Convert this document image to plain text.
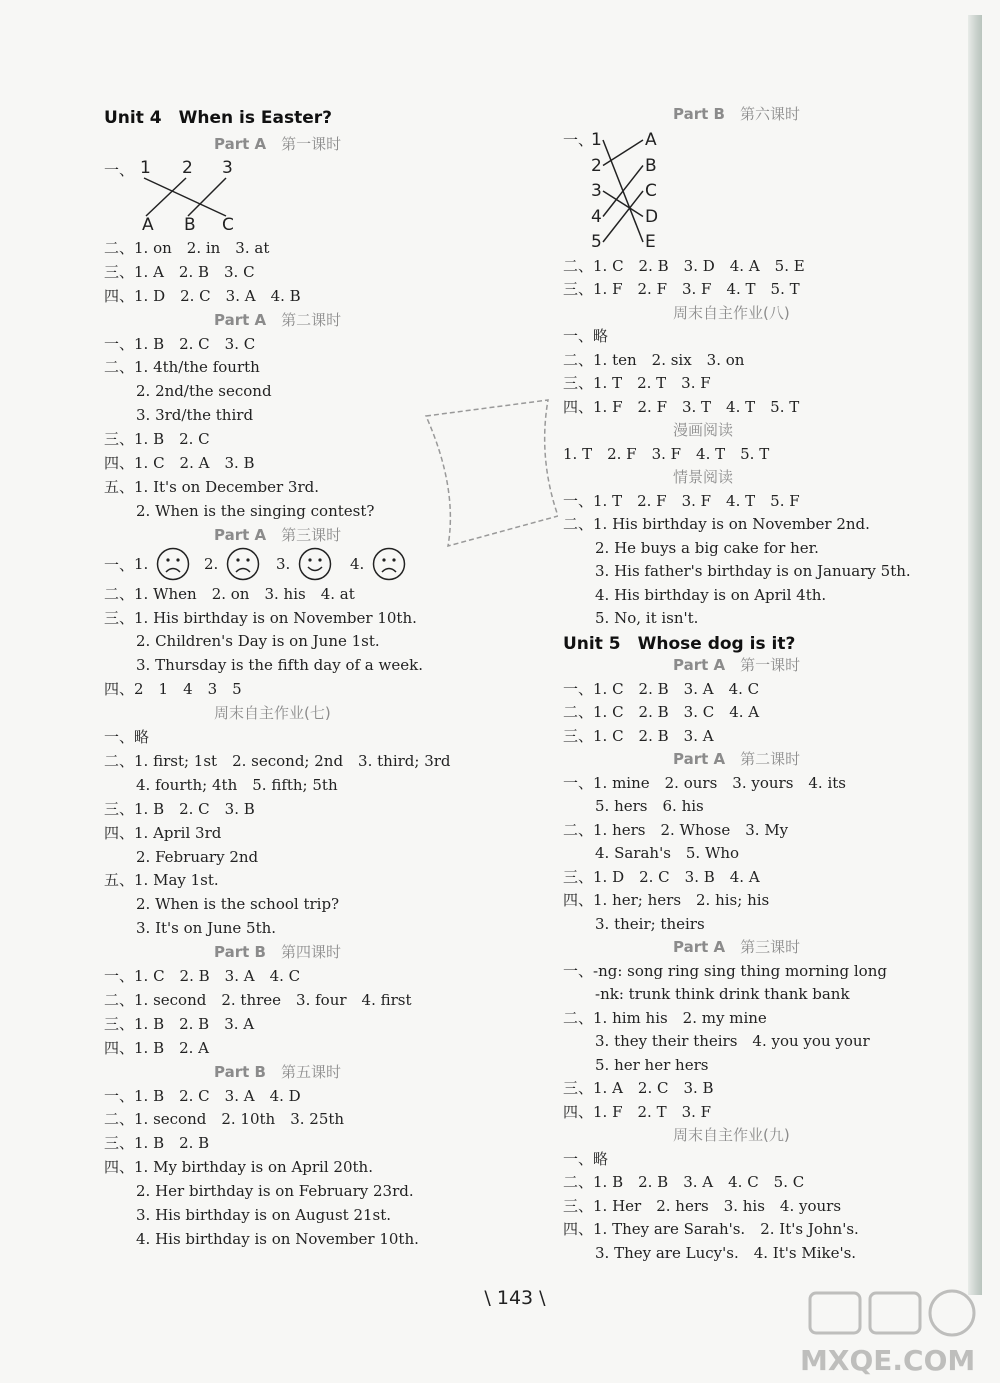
Unit 4　When is Easter?
Part A　 第一课时
一、 1 2 3
A B C
二、1. on　2. in　3. at
三、1. A　2. B　3. C
四、1. D　2. C　3. A　4. B
Part A　 第二课时
一、1. B　2. C　3. C
二、1. 4th/the fourth
2. 2nd/the second
3. 3rd/the third
三、1. B　2. C
四、1. C　2. A　3. B
五、1. It's on December 3rd.
2. When is the singing contest?
Part A　 第三课时
一、 1.	2.	3.	4.
二、1. When　2. on　3. his　4. at
三、1. His birthday is on November 10th.
2. Children's Day is on June 1st.
3. Thursday is the fifth day of a week.
四、2　1　4　3　5
周末自主作业(七)
一、略
二、1. first; 1st　2. second; 2nd　3. third; 3rd
4. fourth; 4th　5. fifth; 5th
三、1. B　2. C　3. B
四、1. April 3rd
2. February 2nd
五、1. May 1st.
2. When is the school trip?
3. It's on June 5th.
Part B　 第四课时
一、1. C　2. B　3. A　4. C
二、1. second　2. three　3. four　4. first
三、1. B　2. B　3. A
四、1. B　2. A
Part B　 第五课时
一、1. B　2. C　3. A　4. D
二、1. second　2. 10th　3. 25th
三、1. B　2. B
四、1. My birthday is on April 20th.
2. Her birthday is on February 23rd.
3. His birthday is on August 21st.
4. His birthday is on November 10th.
Part B　 第六课时
一、
1
2
3
4
5
A
B
C
D
E
二、1. C　2. B　3. D　4. A　5. E
三、1. F　2. F　3. F　4. T　5. T
周末自主作业(八)
一、略
二、1. ten　2. six　3. on
三、1. T　2. T　3. F
四、1. F　2. F　3. T　4. T　5. T
漫画阅读
1. T　2. F　3. F　4. T　5. T
情景阅读
一、1. T　2. F　3. F　4. T　5. F
二、1. His birthday is on November 2nd.
2. He buys a big cake for her.
3. His father's birthday is on January 5th.
4. His birthday is on April 4th.
5. No, it isn't.
Unit 5　Whose dog is it?
Part A　 第一课时
一、1. C　2. B　3. A　4. C
二、1. C　2. B　3. C　4. A
三、1. C　2. B　3. A
Part A　 第二课时
一、1. mine　2. ours　3. yours　4. its
5. hers　6. his
二、1. hers　2. Whose　3. My
4. Sarah's　5. Who
三、1. D　2. C　3. B　4. A
四、1. her; hers　2. his; his
3. their; theirs
Part A　 第三课时
一、-ng: song ring sing thing morning long
-nk: trunk think drink thank bank
二、1. him his　2. my mine
3. they their theirs　4. you you your
5. her her hers
三、1. A　2. C　3. B
四、1. F　2. T　3. F
周末自主作业(九)
一、略
二、1. B　2. B　3. A　4. C　5. C
三、1. Her　2. hers　3. his　4. yours
四、1. They are Sarah's.　2. It's John's.
3. They are Lucy's.　4. It's Mike's.
\ 143 \
MXQE.COM
